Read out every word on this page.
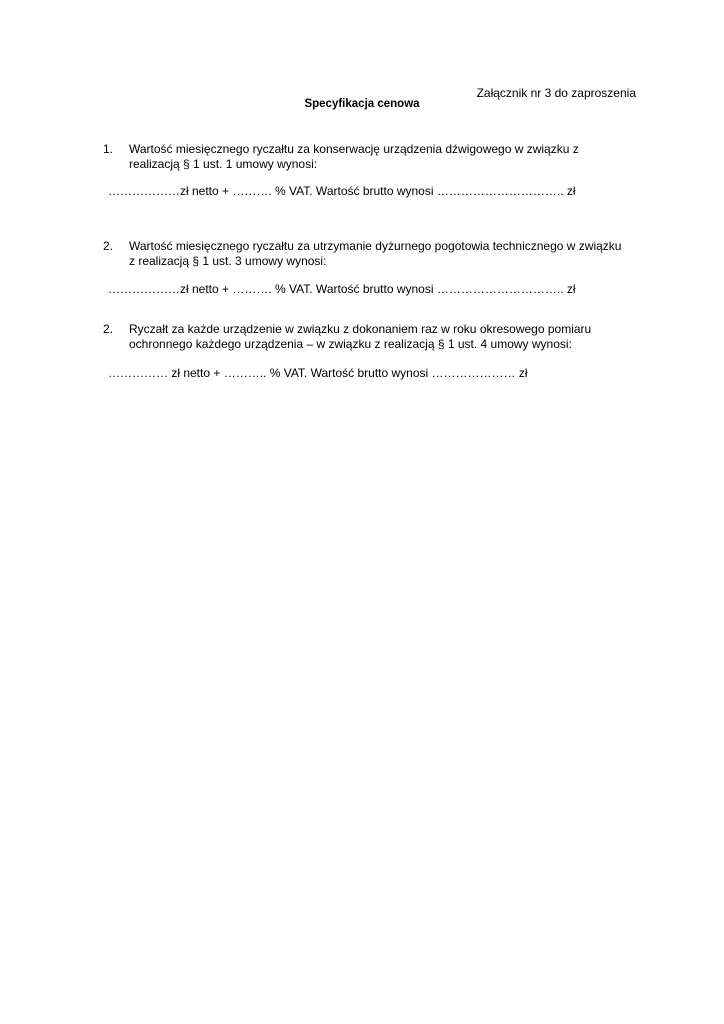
Załącznik nr 3 do zaproszenia
Specyfikacja cenowa
1. Wartość miesięcznego ryczałtu za konserwację urządzenia dźwigowego w związku z
realizacją § 1 ust. 1 umowy wynosi:
………………zł netto + ………. % VAT. Wartość brutto wynosi ………………………….. zł
2. Wartość miesięcznego ryczałtu za utrzymanie dyżurnego pogotowia technicznego w związku
z realizacją § 1 ust. 3 umowy wynosi:
………………zł netto + ………. % VAT. Wartość brutto wynosi ………………………….. zł
2. Ryczałt za każde urządzenie w związku z dokonaniem raz w roku okresowego pomiaru
ochronnego każdego urządzenia – w związku z realizacją § 1 ust. 4 umowy wynosi:
…………… zł netto + ……….. % VAT. Wartość brutto wynosi ………………… zł
